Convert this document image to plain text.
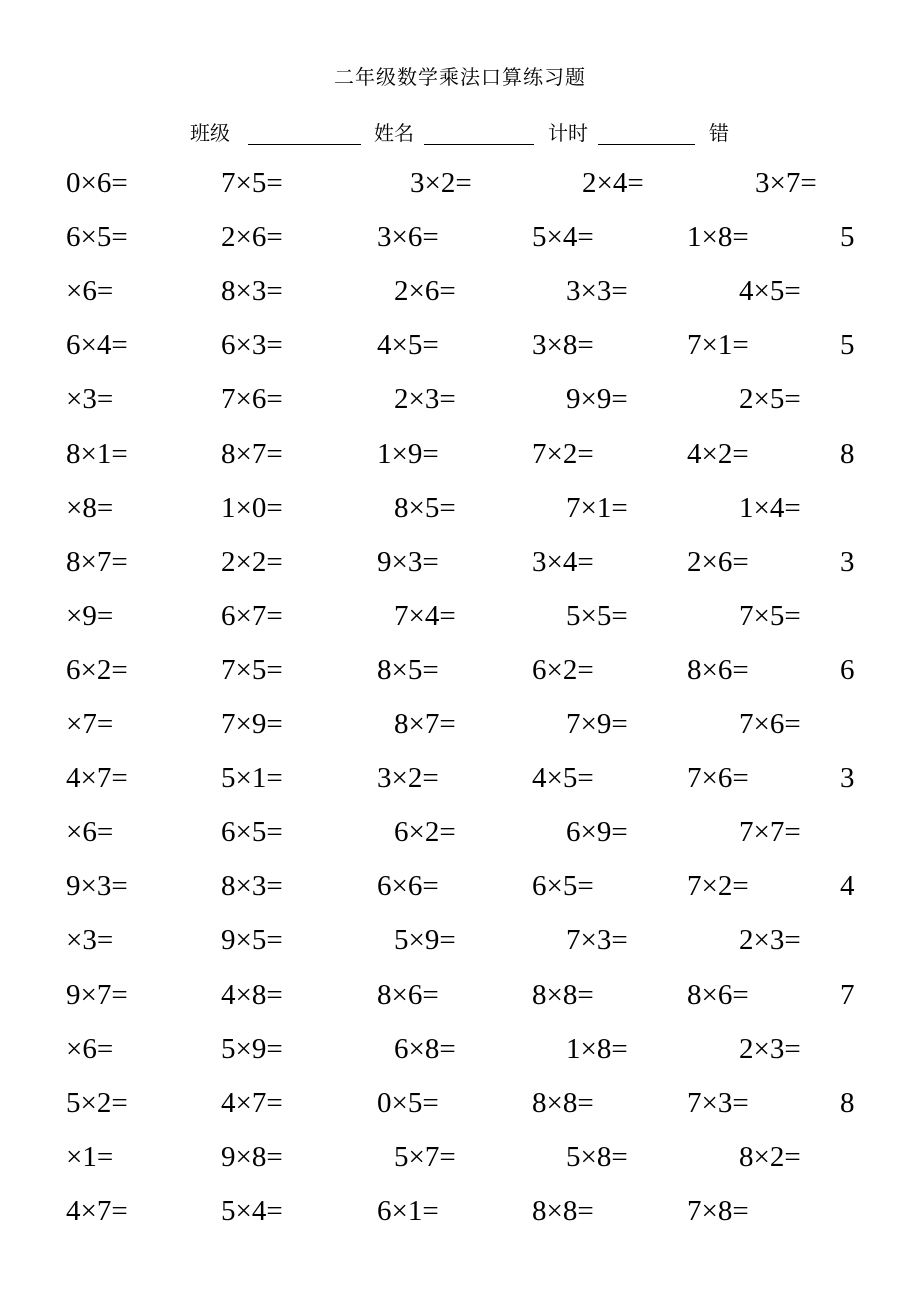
二年级数学乘法口算练习题
班级	姓名	计时	错
0×6=	7×5=	3×2=	2×4=	3×7=
6×5=	2×6=	3×6=	5×4=	1×8=	5
×6=	8×3=	2×6=	3×3=	4×5=
6×4=	6×3=	4×5=	3×8=	7×1=	5
×3=	7×6=	2×3=	9×9=	2×5=
8×1=	8×7=	1×9=	7×2=	4×2=	8
×8=	1×0=	8×5=	7×1=	1×4=
8×7=	2×2=	9×3=	3×4=	2×6=	3
×9=	6×7=	7×4=	5×5=	7×5=
6×2=	7×5=	8×5=	6×2=	8×6=	6
×7=	7×9=	8×7=	7×9=	7×6=
4×7=	5×1=	3×2=	4×5=	7×6=	3
×6=	6×5=	6×2=	6×9=	7×7=
9×3=	8×3=	6×6=	6×5=	7×2=	4
×3=	9×5=	5×9=	7×3=	2×3=
9×7=	4×8=	8×6=	8×8=	8×6=	7
×6=	5×9=	6×8=	1×8=	2×3=
5×2=	4×7=	0×5=	8×8=	7×3=	8
×1=	9×8=	5×7=	5×8=	8×2=
4×7=	5×4=	6×1=	8×8=	7×8=
